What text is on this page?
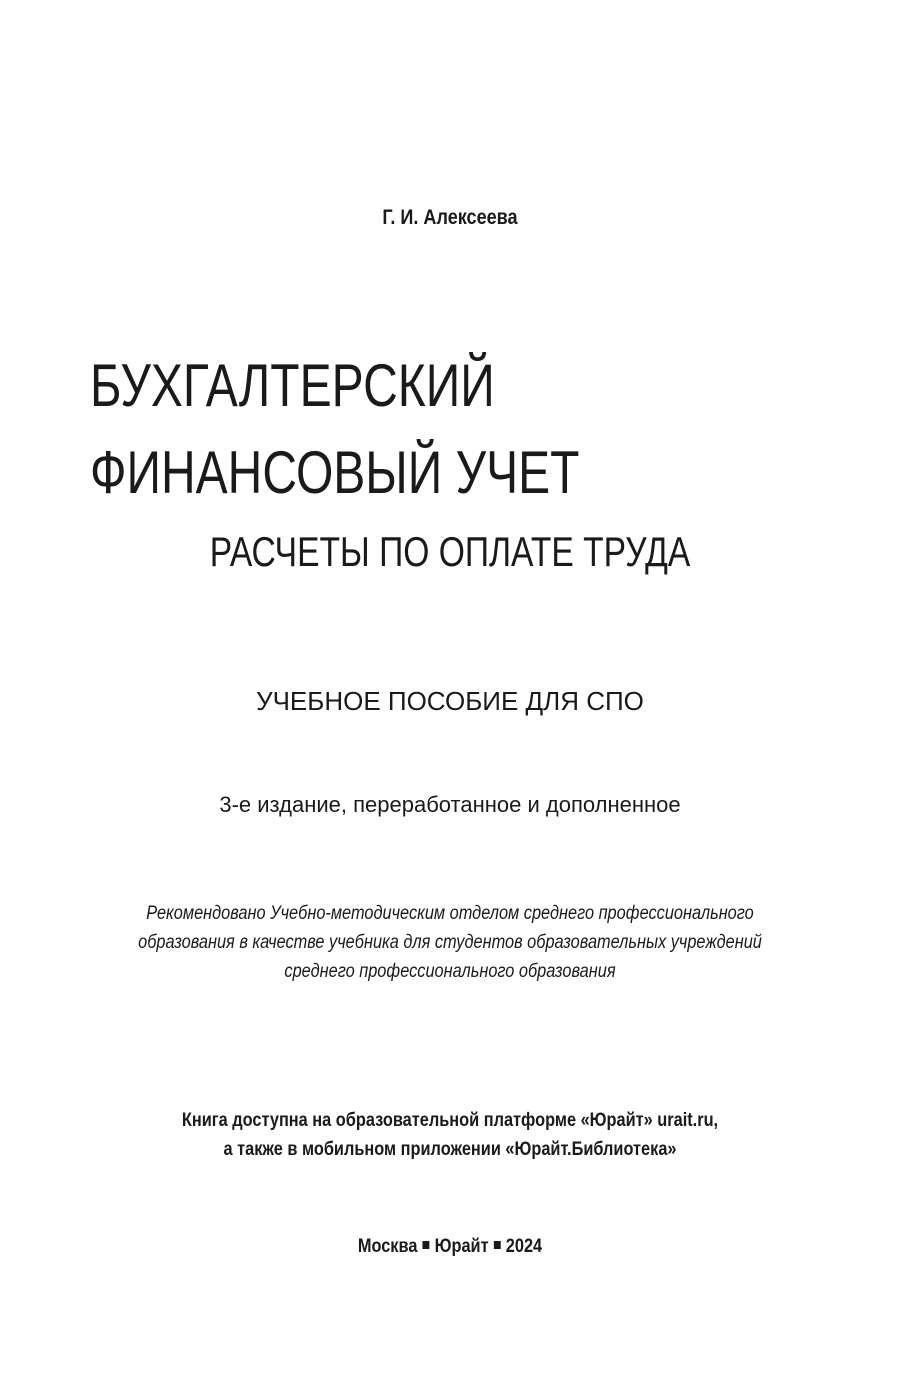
Г. И. Алексеева
БУХГАЛТЕРСКИЙ
ФИНАНСОВЫЙ УЧЕТ
РАСЧЕТЫ ПО ОПЛАТЕ ТРУДА
УЧЕБНОЕ ПОСОБИЕ ДЛЯ СПО
3-е издание, переработанное и дополненное
Рекомендовано Учебно-методическим отделом среднего профессионального
образования в качестве учебника для студентов образовательных учреждений
среднего профессионального образования
Книга доступна на образовательной платформе «Юрайт» urait.ru,
а также в мобильном приложении «Юрайт.Библиотека»
Москва Юрайт 2024
